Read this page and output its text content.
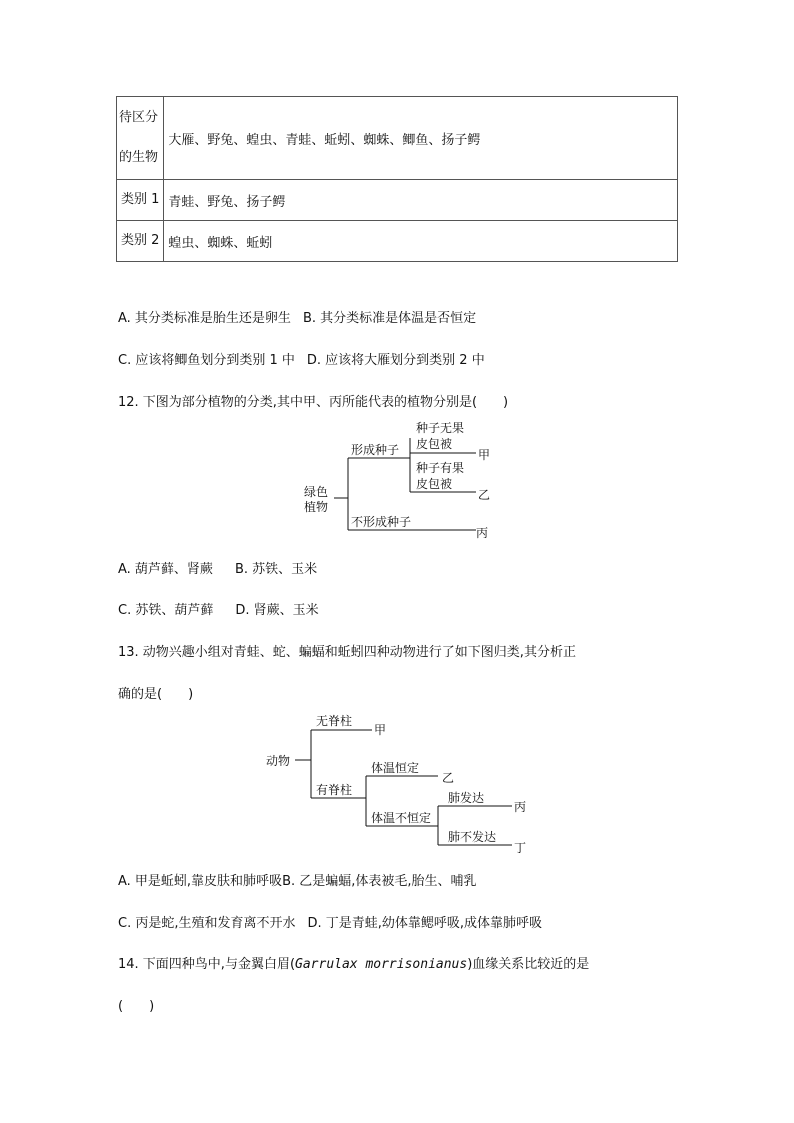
待区分
的生物	大雁、野兔、蝗虫、青蛙、蚯蚓、蜘蛛、鲫鱼、扬子鳄
类别 1	青蛙、野兔、扬子鳄
类别 2	蝗虫、蜘蛛、蚯蚓
A. 其分类标准是胎生还是卵生 B. 其分类标准是体温是否恒定
C. 应该将鲫鱼划分到类别 1 中 D. 应该将大雁划分到类别 2 中
12. 下图为部分植物的分类,其中甲、丙所能代表的植物分别是(　　)
绿色
植物
形成种子
不形成种子
种子无果
皮包被
种子有果
皮包被
甲
乙
丙
A. 葫芦藓、肾蕨 B. 苏铁、玉米
C. 苏铁、葫芦藓 D. 肾蕨、玉米
13. 动物兴趣小组对青蛙、蛇、蝙蝠和蚯蚓四种动物进行了如下图归类,其分析正
确的是(　　)
动物
无脊柱
甲
有脊柱
体温恒定
乙
体温不恒定
肺发达
丙
肺不发达
丁
A. 甲是蚯蚓,靠皮肤和肺呼吸B. 乙是蝙蝠,体表被毛,胎生、哺乳
C. 丙是蛇,生殖和发育离不开水 D. 丁是青蛙,幼体靠鳃呼吸,成体靠肺呼吸
14. 下面四种鸟中,与金翼白眉(Garrulax morrisonianus)血缘关系比较近的是
(　　)
